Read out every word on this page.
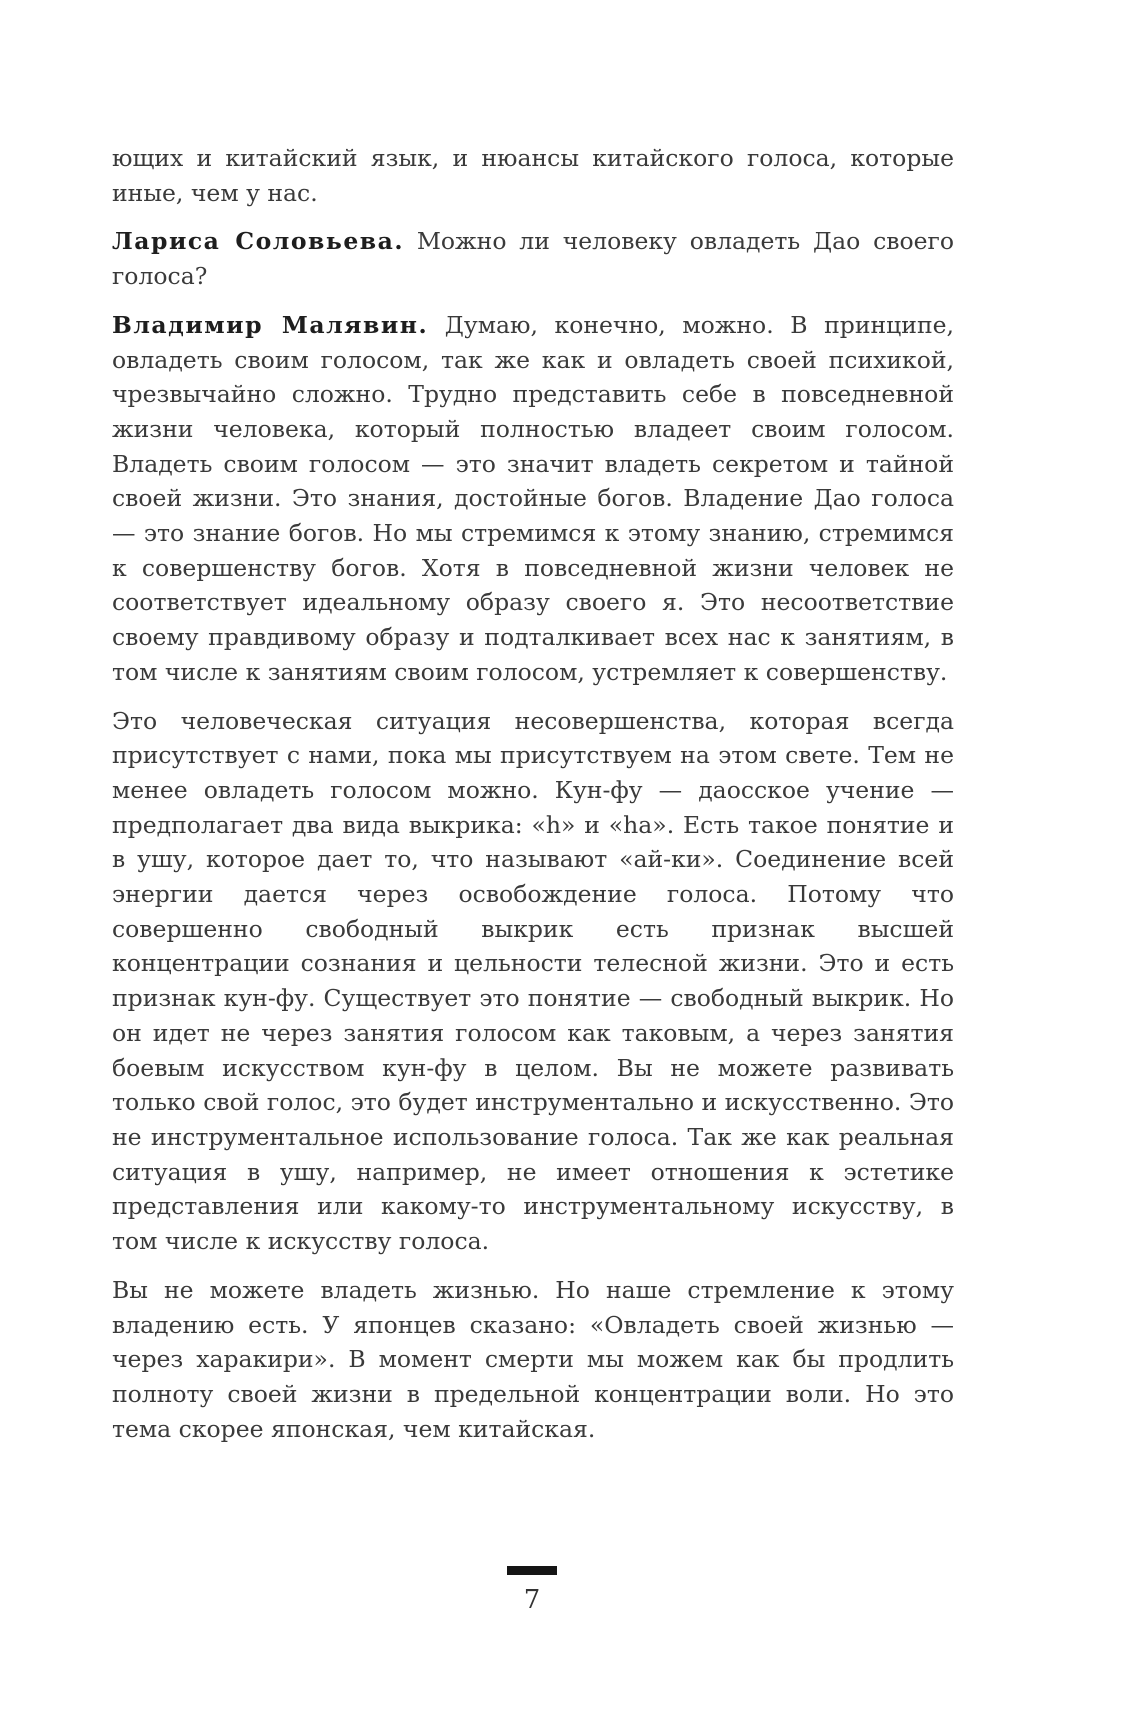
ющих и китайский язык, и нюансы китайского голоса, которые иные, чем у нас.

Лариса Соловьева. Можно ли человеку овладеть Дао своего голоса?

Владимир Малявин. Думаю, конечно, можно. В принципе, овладеть своим голосом, так же как и овладеть своей психикой, чрезвычайно сложно. Трудно представить себе в повседневной жизни человека, который полностью владеет своим голосом. Владеть своим голосом — это значит владеть секретом и тайной своей жизни. Это знания, достойные богов. Владение Дао голоса — это знание богов. Но мы стремимся к этому знанию, стремимся к совершенству богов. Хотя в повседневной жизни человек не соответствует идеальному образу своего я. Это несоответствие своему правдивому образу и подталкивает всех нас к занятиям, в том числе к занятиям своим голосом, устремляет к совершенству.

Это человеческая ситуация несовершенства, которая всегда присутствует с нами, пока мы присутствуем на этом свете. Тем не менее овладеть голосом можно. Кун-фу — даосское учение — предполагает два вида выкрика: «h» и «ha». Есть такое понятие и в ушу, которое дает то, что называют «ай-ки». Соединение всей энергии дается через освобождение голоса. Потому что совершенно свободный выкрик есть признак высшей концентрации сознания и цельности телесной жизни. Это и есть признак кун-фу. Существует это понятие — свободный выкрик. Но он идет не через занятия голосом как таковым, а через занятия боевым искусством кун-фу в целом. Вы не можете развивать только свой голос, это будет инструментально и искусственно. Это не инструментальное использование голоса. Так же как реальная ситуация в ушу, например, не имеет отношения к эстетике представления или какому-то инструментальному искусству, в том числе к искусству голоса.

Вы не можете владеть жизнью. Но наше стремление к этому владению есть. У японцев сказано: «Овладеть своей жизнью — через харакири». В момент смерти мы можем как бы продлить полноту своей жизни в предельной концентрации воли. Но это тема скорее японская, чем китайская.

7
